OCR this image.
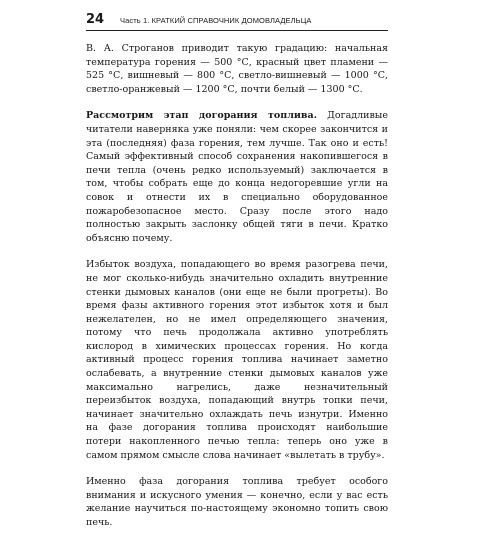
24	Часть 1. КРАТКИЙ СПРАВОЧНИК ДОМОВЛАДЕЛЬЦА

В. А. Строганов приводит такую градацию: начальная температура горения — 500 °С, красный цвет пламени — 525 °С, вишневый — 800 °С, светло-вишневый — 1000 °С, светло-оранжевый — 1200 °С, почти белый — 1300 °С.

Рассмотрим этап догорания топлива. Догадливые читатели наверняка уже поняли: чем скорее закончится и эта (последняя) фаза горения, тем лучше. Так оно и есть! Самый эффективный способ сохранения накопившегося в печи тепла (очень редко используемый) заключается в том, чтобы собрать еще до конца недогоревшие угли на совок и отнести их в специально оборудованное пожаробезопасное место. Сразу после этого надо полностью закрыть заслонку общей тяги в печи. Кратко объясню почему.

Избыток воздуха, попадающего во время разогрева печи, не мог сколько-нибудь значительно охладить внутренние стенки дымовых каналов (они еще не были прогреты). Во время фазы активного горения этот избыток хотя и был нежелателен, но не имел определяющего значения, потому что печь продолжала активно употреблять кислород в химических процессах горения. Но когда активный процесс горения топлива начинает заметно ослабевать, а внутренние стенки дымовых каналов уже максимально нагрелись, даже незначительный переизбыток воздуха, попадающий внутрь топки печи, начинает значительно охлаждать печь изнутри. Именно на фазе догорания топлива происходят наибольшие потери накопленного печью тепла: теперь оно уже в самом прямом смысле слова начинает «вылетать в трубу».

Именно фаза догорания топлива требует особого внимания и искусного умения — конечно, если у вас есть желание научиться по-настоящему экономно топить свою печь.
